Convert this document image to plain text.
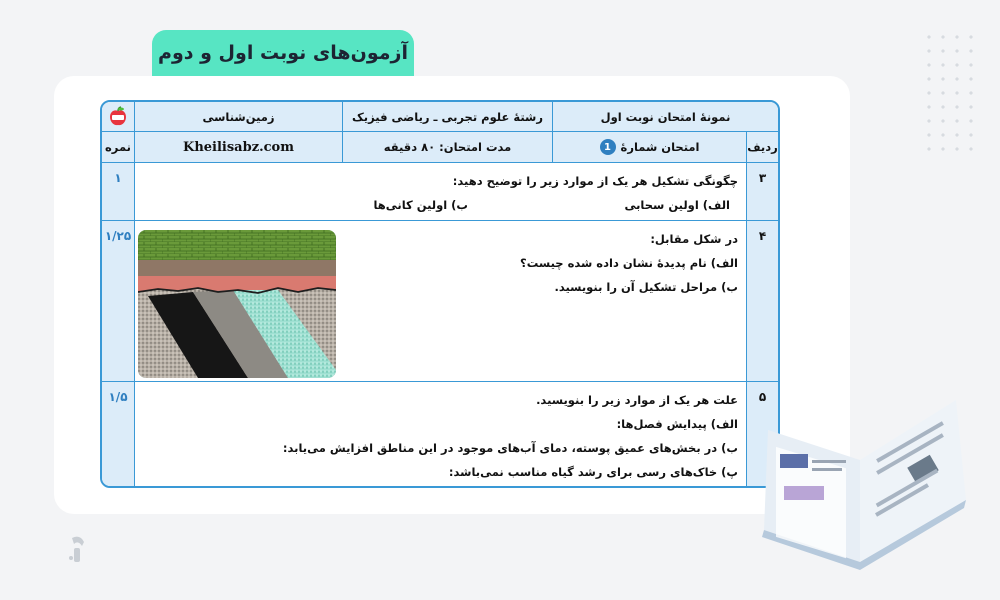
آزمون‌های نوبت اول و دوم
نمونهٔ امتحان نوبت اول
رشتهٔ علوم تجربی ـ ریاضی فیزیک
زمین‌شناسی
ردیف
امتحان شمارهٔ
1
مدت امتحان: ۸۰ دقیقه
Kheilisabz.com
نمره
۳
چگونگی تشکیل هر یک از موارد زیر را توضیح دهید:
الف) اولین سحابی
ب) اولین کانی‌ها
۱
۴
در شکل مقابل:
الف) نام پدیدهٔ نشان داده شده چیست؟
ب) مراحل تشکیل آن را بنویسید.
۱/۲۵
۵
علت هر یک از موارد زیر را بنویسید.
الف) پیدایش فصل‌ها:
ب) در بخش‌های عمیق پوسته، دمای آب‌های موجود در این مناطق افزایش می‌یابد:
پ) خاک‌های رسی برای رشد گیاه مناسب نمی‌باشد:
۱/۵
